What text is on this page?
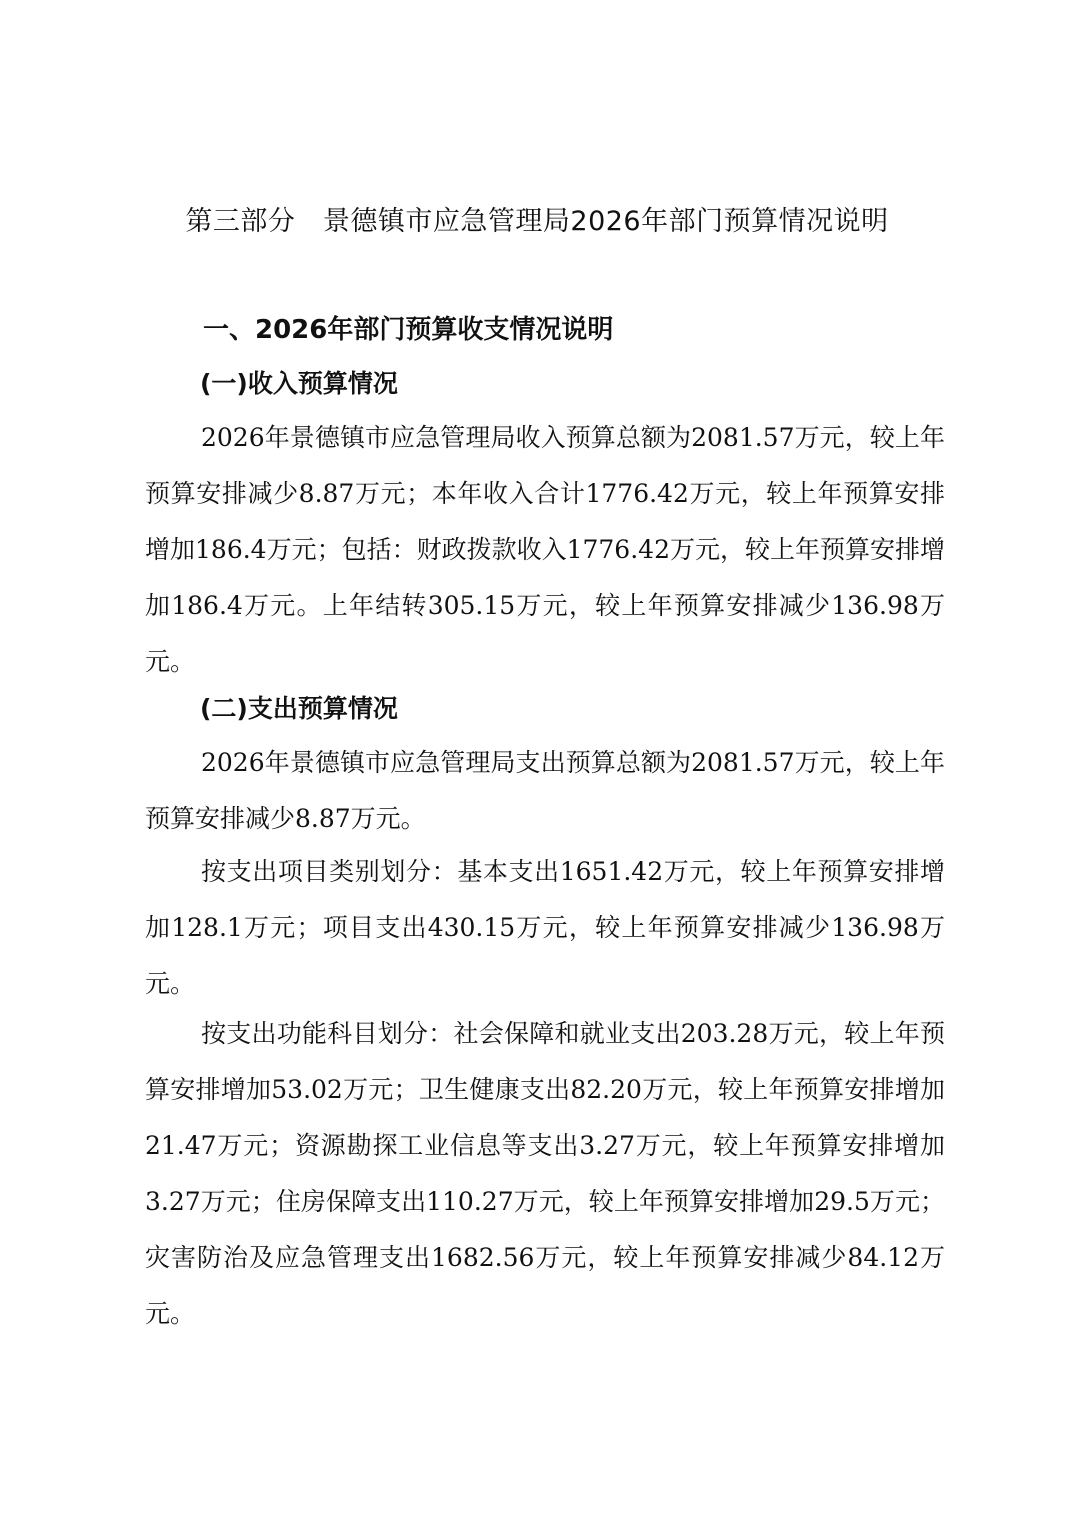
第三部分　景德镇市应急管理局2026年部门预算情况说明
一、2026年部门预算收支情况说明
(一)收入预算情况

2026年景德镇市应急管理局收入预算总额为2081.57万元，较上年预算安排减少8.87万元；本年收入合计1776.42万元，较上年预算安排增加186.4万元；包括：财政拨款收入1776.42万元，较上年预算安排增加186.4万元。上年结转305.15万元，较上年预算安排减少136.98万元。

(二)支出预算情况

2026年景德镇市应急管理局支出预算总额为2081.57万元，较上年预算安排减少8.87万元。

按支出项目类别划分：基本支出1651.42万元，较上年预算安排增加128.1万元；项目支出430.15万元，较上年预算安排减少136.98万元。

按支出功能科目划分：社会保障和就业支出203.28万元，较上年预算安排增加53.02万元；卫生健康支出82.20万元，较上年预算安排增加21.47万元；资源勘探工业信息等支出3.27万元，较上年预算安排增加3.27万元；住房保障支出110.27万元，较上年预算安排增加29.5万元；灾害防治及应急管理支出1682.56万元，较上年预算安排减少84.12万元。
